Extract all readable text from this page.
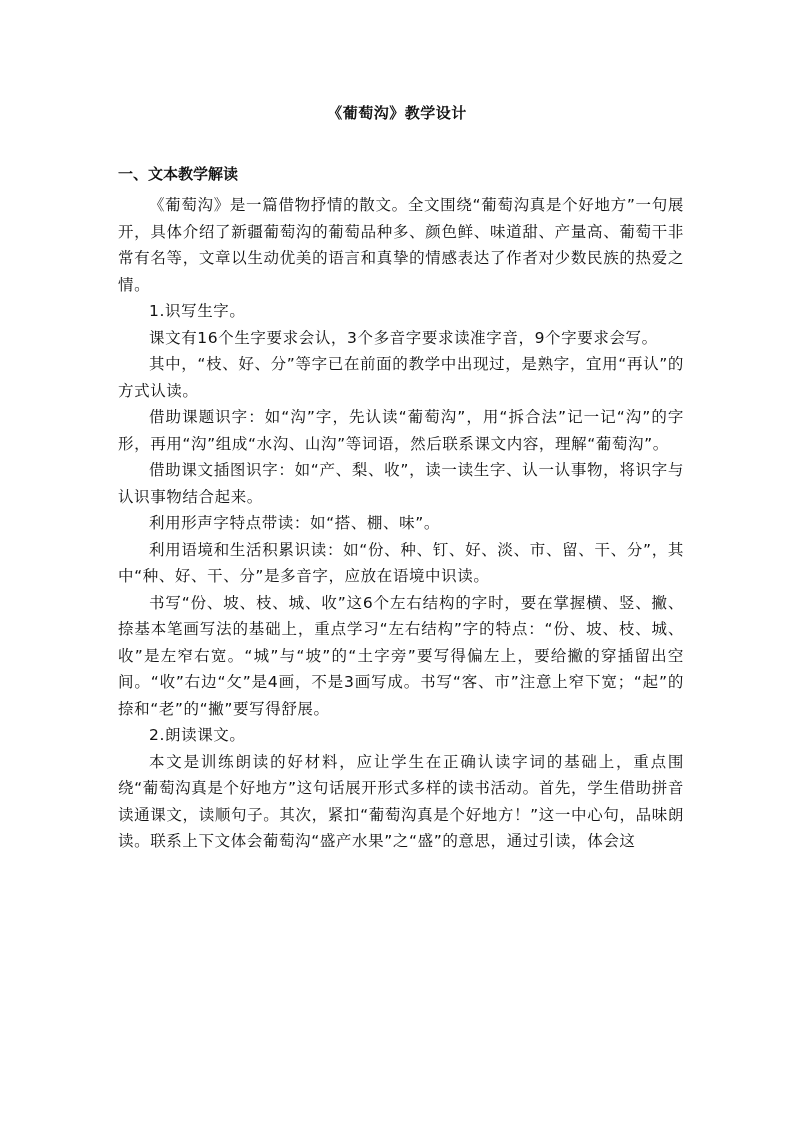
《葡萄沟》教学设计
一、文本教学解读

《葡萄沟》是一篇借物抒情的散文。全文围绕“葡萄沟真是个好地方”一句展开，具体介绍了新疆葡萄沟的葡萄品种多、颜色鲜、味道甜、产量高、葡萄干非常有名等，文章以生动优美的语言和真挚的情感表达了作者对少数民族的热爱之情。

1.识写生字。

课文有16个生字要求会认，3个多音字要求读准字音，9个字要求会写。

其中，“枝、好、分”等字已在前面的教学中出现过，是熟字，宜用“再认”的方式认读。

借助课题识字：如“沟”字，先认读“葡萄沟”，用“拆合法”记一记“沟”的字形，再用“沟”组成“水沟、山沟”等词语，然后联系课文内容，理解“葡萄沟”。

借助课文插图识字：如“产、梨、收”，读一读生字、认一认事物，将识字与认识事物结合起来。

利用形声字特点带读：如“搭、棚、味”。

利用语境和生活积累识读：如“份、种、钉、好、淡、市、留、干、分”，其中“种、好、干、分”是多音字，应放在语境中识读。

书写“份、坡、枝、城、收”这6个左右结构的字时，要在掌握横、竖、撇、捺基本笔画写法的基础上，重点学习“左右结构”字的特点：“份、坡、枝、城、收”是左窄右宽。“城”与“坡”的“土字旁”要写得偏左上，要给撇的穿插留出空间。“收”右边“攵”是4画，不是3画写成。书写“客、市”注意上窄下宽；“起”的捺和“老”的“撇”要写得舒展。

2.朗读课文。

本文是训练朗读的好材料，应让学生在正确认读字词的基础上，重点围绕“葡萄沟真是个好地方”这句话展开形式多样的读书活动。首先，学生借助拼音读通课文，读顺句子。其次，紧扣“葡萄沟真是个好地方！”这一中心句，品味朗读。联系上下文体会葡萄沟“盛产水果”之“盛”的意思，通过引读，体会这
